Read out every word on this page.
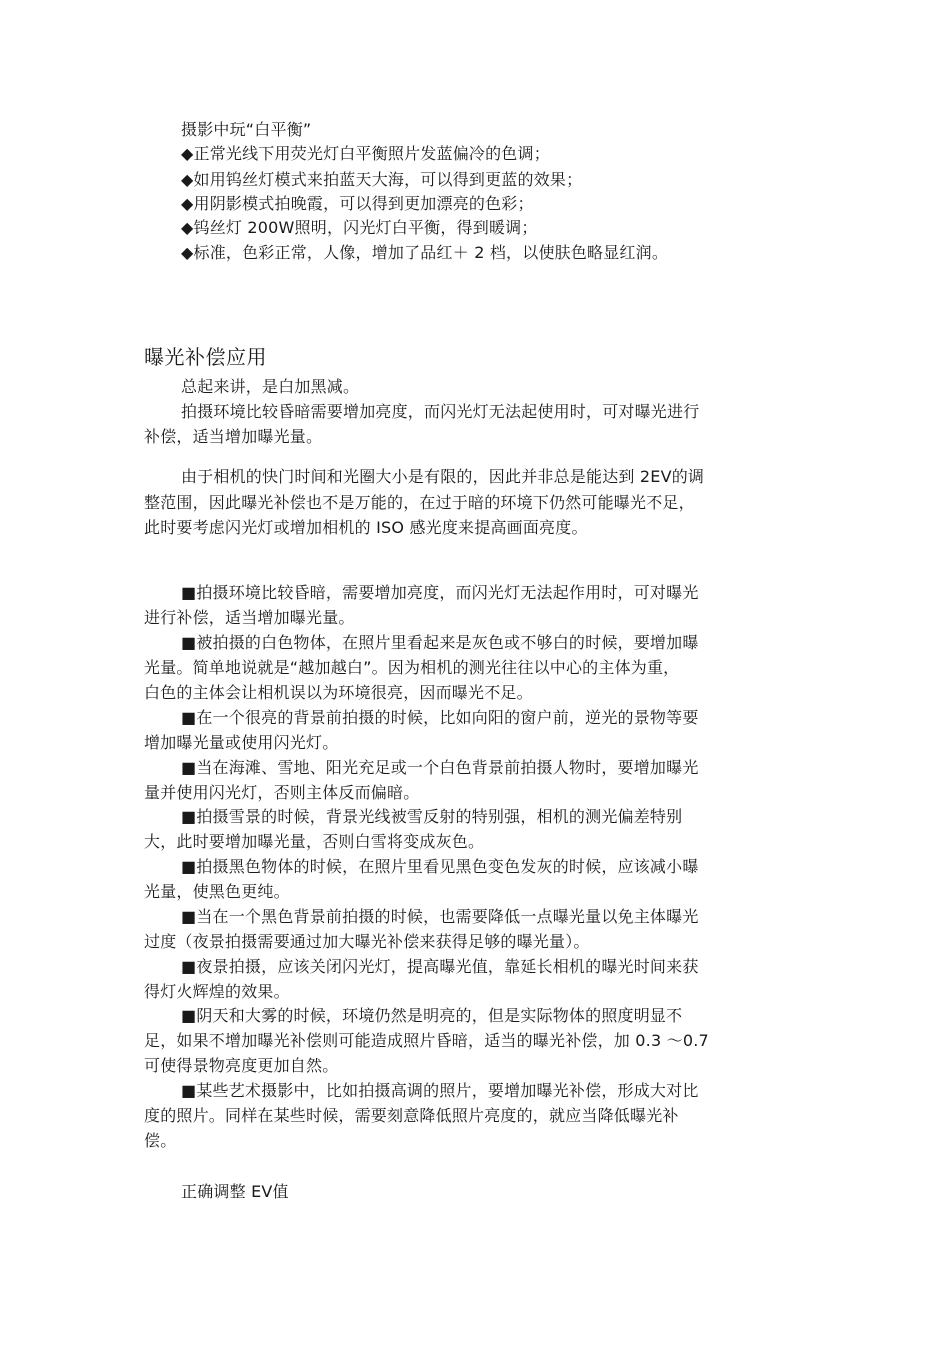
摄影中玩“白平衡”
◆正常光线下用荧光灯白平衡照片发蓝偏冷的色调；
◆如用钨丝灯模式来拍蓝天大海，可以得到更蓝的效果；
◆用阴影模式拍晚霞，可以得到更加漂亮的色彩；
◆钨丝灯 200W照明，闪光灯白平衡，得到暖调；
◆标准，色彩正常，人像，增加了品红＋ 2 档，以使肤色略显红润。
曝光补偿应用
总起来讲，是白加黑减。
拍摄环境比较昏暗需要增加亮度，而闪光灯无法起使用时，可对曝光进行
补偿，适当增加曝光量。
由于相机的快门时间和光圈大小是有限的，因此并非总是能达到 2EV的调
整范围，因此曝光补偿也不是万能的，在过于暗的环境下仍然可能曝光不足，
此时要考虑闪光灯或增加相机的 ISO 感光度来提高画面亮度。
■拍摄环境比较昏暗，需要增加亮度，而闪光灯无法起作用时，可对曝光
进行补偿，适当增加曝光量。
■被拍摄的白色物体，在照片里看起来是灰色或不够白的时候，要增加曝
光量。简单地说就是“越加越白”。因为相机的测光往往以中心的主体为重，
白色的主体会让相机误以为环境很亮，因而曝光不足。
■在一个很亮的背景前拍摄的时候，比如向阳的窗户前，逆光的景物等要
增加曝光量或使用闪光灯。
■当在海滩、雪地、阳光充足或一个白色背景前拍摄人物时，要增加曝光
量并使用闪光灯，否则主体反而偏暗。
■拍摄雪景的时候，背景光线被雪反射的特别强，相机的测光偏差特别
大，此时要增加曝光量，否则白雪将变成灰色。
■拍摄黑色物体的时候，在照片里看见黑色变色发灰的时候，应该减小曝
光量，使黑色更纯。
■当在一个黑色背景前拍摄的时候，也需要降低一点曝光量以免主体曝光
过度（夜景拍摄需要通过加大曝光补偿来获得足够的曝光量）。
■夜景拍摄，应该关闭闪光灯，提高曝光值，靠延长相机的曝光时间来获
得灯火辉煌的效果。
■阴天和大雾的时候，环境仍然是明亮的，但是实际物体的照度明显不
足，如果不增加曝光补偿则可能造成照片昏暗，适当的曝光补偿，加 0.3 ～0.7
可使得景物亮度更加自然。
■某些艺术摄影中，比如拍摄高调的照片，要增加曝光补偿，形成大对比
度的照片。同样在某些时候，需要刻意降低照片亮度的，就应当降低曝光补
偿。
正确调整 EV值
